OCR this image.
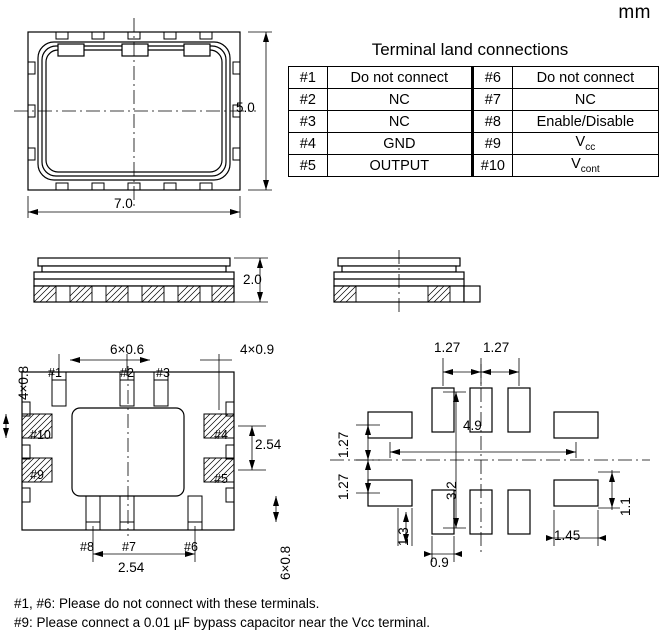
mm
7.0
5.0
Terminal land connections
#1	Do not connect	#6	Do not connect
#2	NC	#7	NC
#3	NC	#8	Enable/Disable
#4	GND	#9	$V_{cc}$
#5	OUTPUT	#10	$V_{cont}$
2.0
6×0.6	4×0.9
4×0.8
6×0.8
2.54
2.54
#1	#2 #3
#4
#5
#6
#7
#8
#9
#10
1.27 1.27
4.9
1.27
1.27	3.2
1.3
0.9
1.1
1.45
#1, #6: Please do not connect with these terminals.
#9: Please connect a 0.01 µF bypass capacitor near the Vcc terminal.
